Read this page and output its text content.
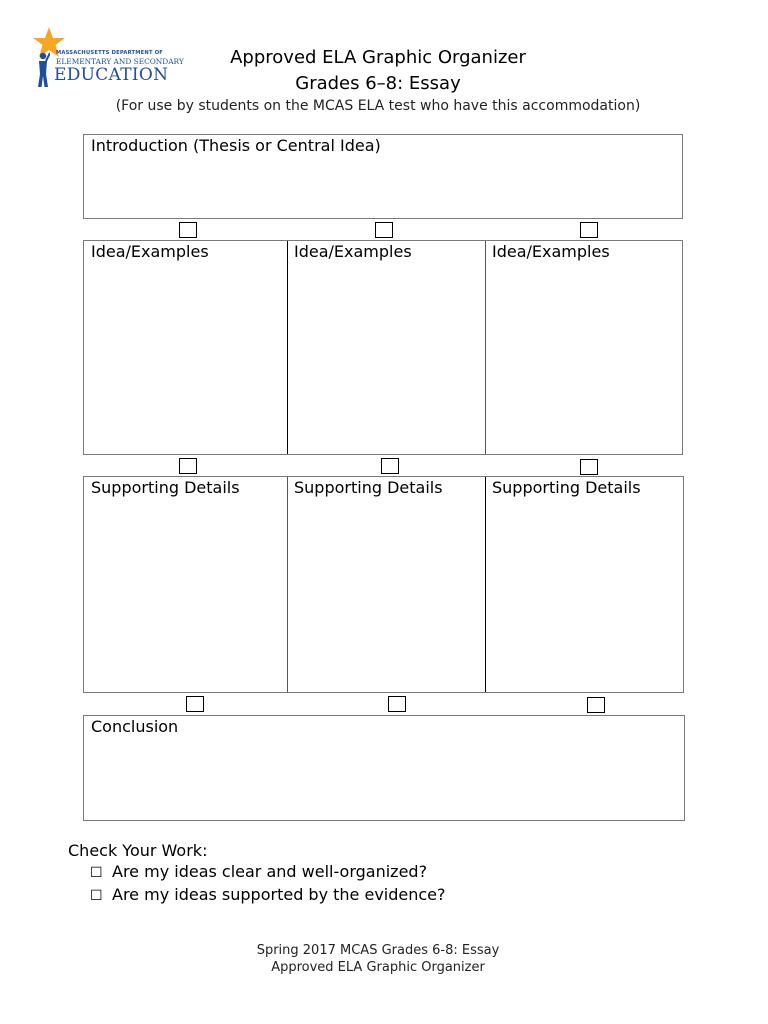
MASSACHUSETTS DEPARTMENT OF
ELEMENTARY AND SECONDARY
EDUCATION
Approved ELA Graphic Organizer
Grades 6–8: Essay
(For use by students on the MCAS ELA test who have this accommodation)
Introduction (Thesis or Central Idea)
Idea/Examples	Idea/Examples	Idea/Examples
Supporting Details	Supporting Details	Supporting Details
Conclusion
Check Your Work:
☐ Are my ideas clear and well-organized?
☐ Are my ideas supported by the evidence?
Spring 2017 MCAS Grades 6-8: Essay
Approved ELA Graphic Organizer
